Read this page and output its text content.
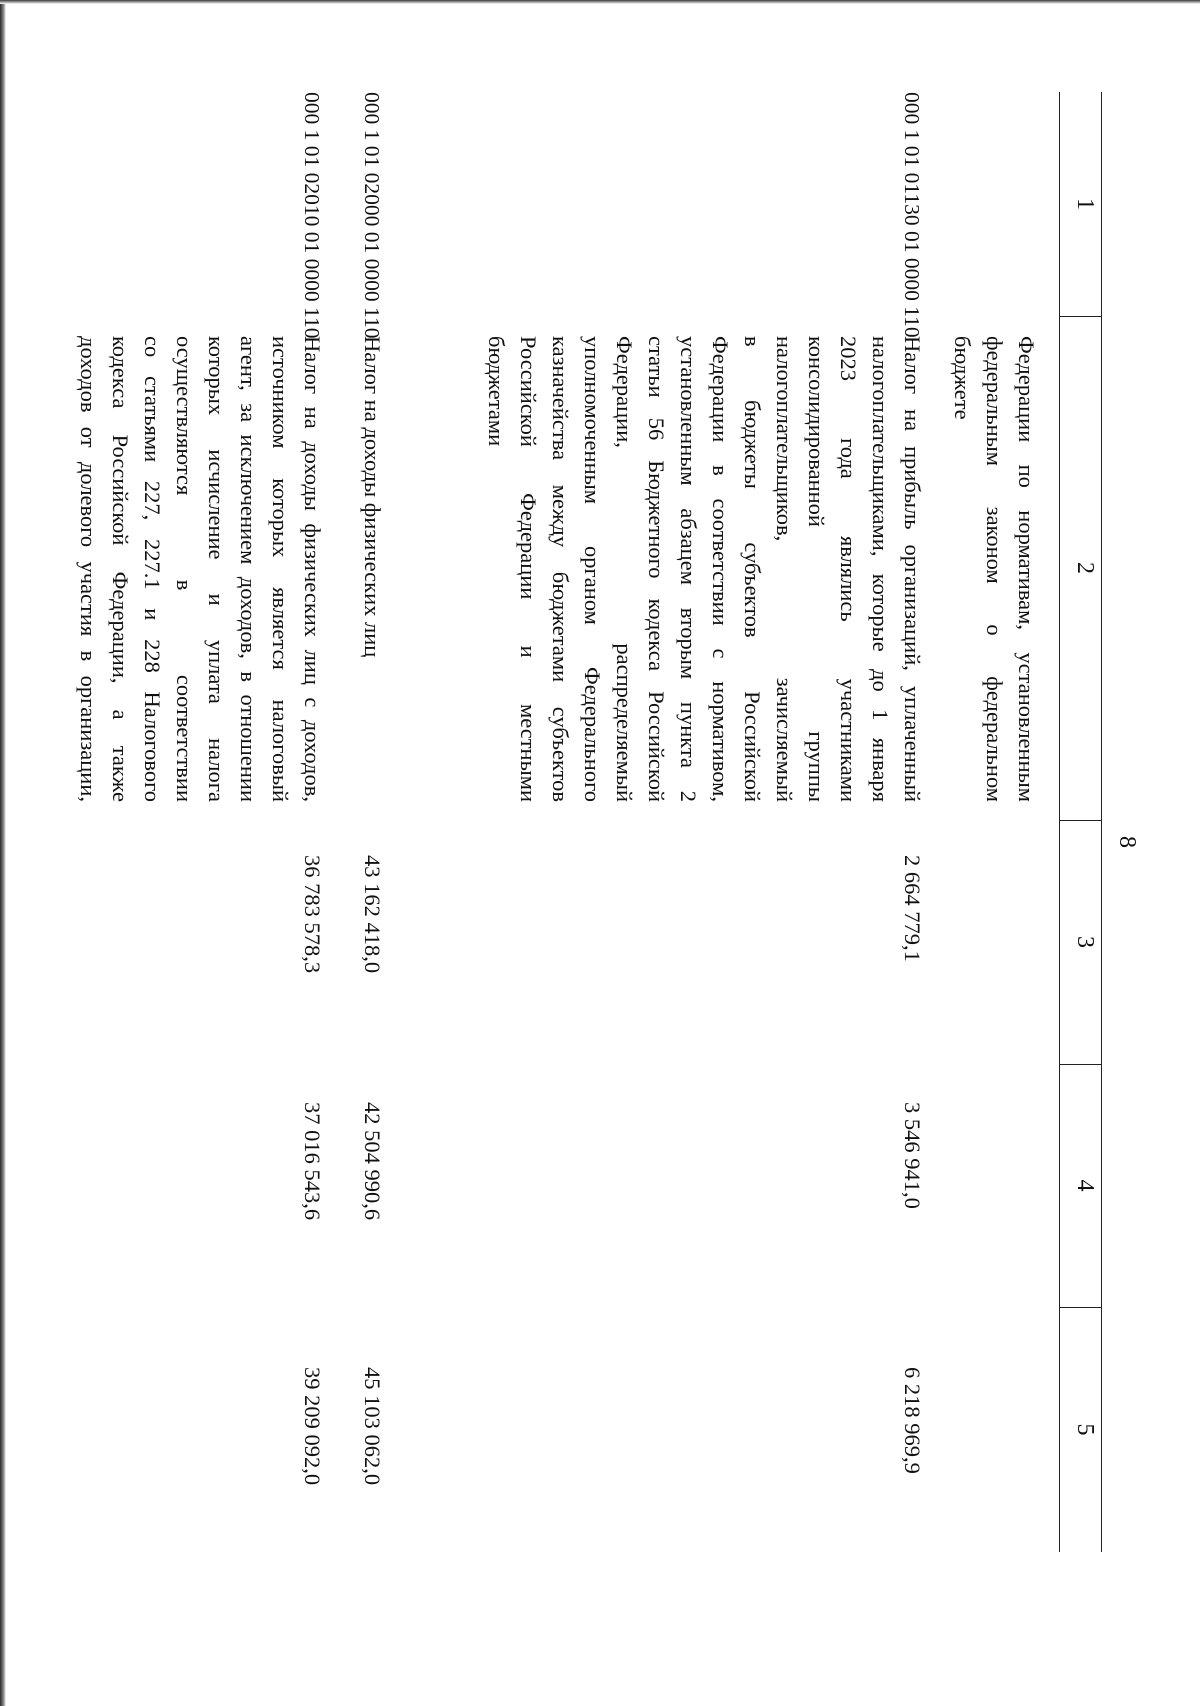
8
1
2
3
4
5
Федерации по нормативам, установленным
федеральным законом о федеральном
бюджете
000 1 01 01130 01 0000 110
Налог на прибыль организаций, уплаченный
налогоплательщиками, которые до 1 января
2023 года являлись участниками
консолидированной группы
налогоплательщиков, зачисляемый
в бюджеты субъектов Российской
Федерации в соответствии с нормативом,
установленным абзацем вторым пункта 2
статьи 56 Бюджетного кодекса Российской
Федерации, распределяемый
уполномоченным органом Федерального
казначейства между бюджетами субъектов
Российской Федерации и местными
бюджетами
2 664 779,1
3 546 941,0
6 218 969,9
000 1 01 02000 01 0000 110
Налог на доходы физических лиц
43 162 418,0
42 504 990,6
45 103 062,0
000 1 01 02010 01 0000 110
Налог на доходы физических лиц с доходов,
источником которых является налоговый
агент, за исключением доходов, в отношении
которых исчисление и уплата налога
осуществляются в соответствии
со статьями 227, 227.1 и 228 Налогового
кодекса Российской Федерации, а также
доходов от долевого участия в организации,
36 783 578,3
37 016 543,6
39 209 092,0
